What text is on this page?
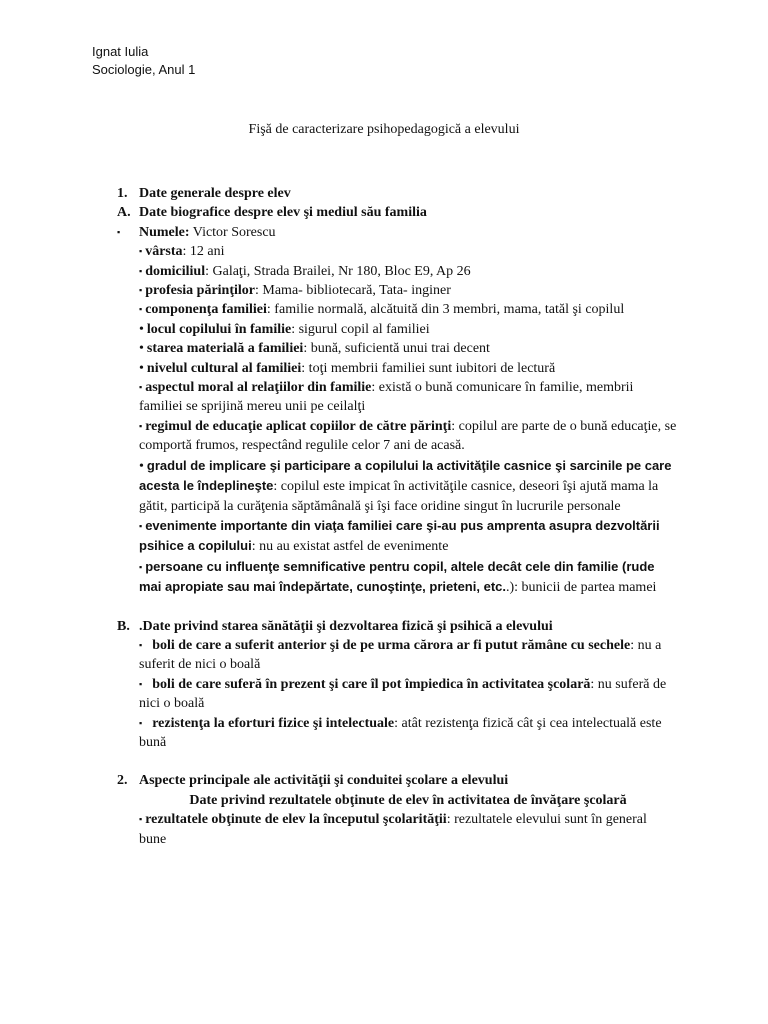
Ignat Iulia
Sociologie, Anul 1
Fişă de caracterizare psihopedagogică a elevului
1. Date generale despre elev
A. Date biografice despre elev şi mediul său familia
▪	Numele: Victor Sorescu
▪ vârsta: 12 ani
▪ domiciliul: Galaţi, Strada Brailei, Nr 180, Bloc E9, Ap 26
▪ profesia părinţilor: Mama- bibliotecară, Tata- inginer
▪ componenţa familiei: familie normală, alcătuită din 3 membri, mama, tatăl şi copilul
• locul copilului în familie: sigurul copil al familiei
• starea materială a familiei: bună, suficientă unui trai decent
• nivelul cultural al familiei: toţi membrii familiei sunt iubitori de lectură
▪ aspectul moral al relaţiilor din familie: există o bună comunicare în familie, membrii familiei se sprijină mereu unii pe ceilalţi
▪ regimul de educaţie aplicat copiilor de către părinţi: copilul are parte de o bună educaţie, se comportă frumos, respectând regulile celor 7 ani de acasă.
• gradul de implicare şi participare a copilului la activităţile casnice şi sarcinile pe care acesta le îndeplineşte: copilul este impicat în activităţile casnice, deseori îşi ajută mama la gătit, participă la curăţenia săptămânală şi îşi face oridine singut în lucrurile personale
▪ evenimente importante din viaţa familiei care şi-au pus amprenta asupra dezvoltării psihice a copilului: nu au existat astfel de evenimente
▪ persoane cu influenţe semnificative pentru copil, altele decât cele din familie (rude mai apropiate sau mai îndepărtate, cunoştinţe, prieteni, etc..): bunicii de partea mamei
B. .Date privind starea sănătăţii şi dezvoltarea fizică şi psihică a elevului
▪ boli de care a suferit anterior şi de pe urma cărora ar fi putut rămâne cu sechele: nu a suferit de nici o boală
▪ boli de care suferă în prezent şi care îl pot împiedica în activitatea şcolară: nu suferă de nici o boală
▪ rezistenţa la eforturi fizice şi intelectuale: atât rezistenţa fizică cât şi cea intelectuală este bună
2. Aspecte principale ale activităţii şi conduitei şcolare a elevului
Date privind rezultatele obţinute de elev în activitatea de învăţare şcolară
▪ rezultatele obţinute de elev la începutul şcolarităţii: rezultatele elevului sunt în general bune
